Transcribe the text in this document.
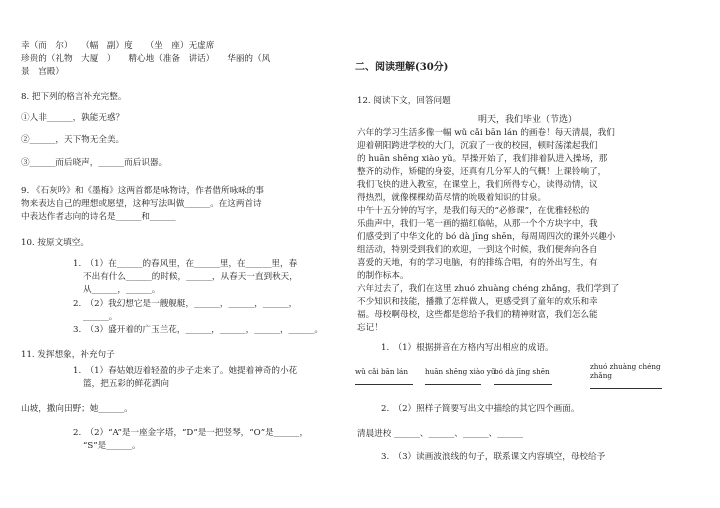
幸（而　尔）　　（幅　副）度　　（坐　座）无虚席
珍贵的（礼物　大厦　）　　精心地（准备　讲话）　　华丽的（风
景　宫殿）
8. 把下列的格言补充完整。
①人非______，孰能无惑？
②______，天下物无全美。
③______而后晓声，______而后识器。
9. 《石灰吟》和《墨梅》这两首都是咏物诗，作者借所咏咏的事
物来表达自己的理想或愿望，这种写法叫做______。在这两首诗
中表达作者志向的诗名是______和______
10. 按原文填空。
1.　（1）在______的春风里，在______里，在______里，春
不出有什么______的时候，______，从春天一直到秋天，
从______，______。
2.　（2）我幻想它是一艘舰艇，______，______，______，
______。
3.　（3）盛开着的广玉兰花，______，______，______，______。
11. 发挥想象，补充句子
1.　（1）春姑娘迈着轻盈的步子走来了。她提着神奇的小花
篮，把五彩的鲜花洒向
山坡，撒向田野；她______。
2.　（2）“A”是一座金字塔，“D”是一把竖琴，“O”是______，
“S”是______。
二、阅读理解(30分)
12. 阅读下文，回答问题
明天，我们毕业（节选）
六年的学习生活多像一幅 wǔ cǎi bān lán 的画卷！每天清晨，我们
迎着朝阳跨进学校的大门，沉寂了一夜的校园，顿时荡漾起我们
的 huān shēng xiào yǔ。早操开始了，我们排着队进入操场，那
整齐的动作，矫健的身姿，还真有几分军人的气概！上课铃响了，
我们飞快的进入教室，在课堂上，我们所得专心，读得动情，议
得热烈，就像棵棵幼苗尽情的吮吸着知识的甘泉。
中午十五分钟的写字，是我们每天的“必修课”，在优雅轻松的
乐曲声中，我们一笔一画的描红临帖，从那一个个方块字中，我
们感受到了中华文化的 bó dà jīng shēn，每周周四次的课外兴趣小
组活动，特别受到我们的欢迎，一到这个时候，我们便奔向各自
喜爱的天地，有的学习电脑，有的排练合唱，有的外出写生，有
的制作标本。
六年过去了，我们在这里 zhuó zhuàng chéng zhǎng，我们学到了
不少知识和技能，播撒了怎样做人，更感受到了童年的欢乐和幸
福。母校啊母校，这些都是您给予我们的精神财富，我们怎么能
忘记！
1.　（1）根据拼音在方格内写出相应的成语。
wǔ cǎi bān lán	huān shēng xiào yǔ
bó dà jīng shēn
zhuó zhuàng chéng
zhǎng
2.　（2）照样子简要写出文中描绘的其它四个画面。
清晨进校 ______、______、______、______
3.　（3）读画波浪线的句子，联系课文内容填空，母校给予
